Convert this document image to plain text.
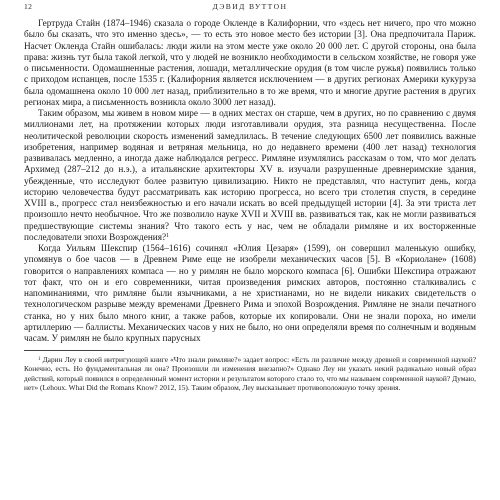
12	ДЭВИД ВУТТОН

Гертруда Стайн (1874–1946) сказала о городе Окленде в Калифорнии, что «здесь нет ничего, про что можно было бы сказать, что это именно здесь», — то есть это новое место без истории [3]. Она предпочитала Париж. Насчет Окленда Стайн ошибалась: люди жили на этом месте уже около 20 000 лет. С другой стороны, она была права: жизнь тут была такой легкой, что у людей не возникло необходимости в сельском хозяйстве, не говоря уже о письменности. Одомашненные растения, лошади, металлические орудия (в том числе ружья) появились только с приходом испанцев, после 1535 г. (Калифорния является исключением — в других регионах Америки кукуруза была одомашнена около 10 000 лет назад, приблизительно в то же время, что и многие другие растения в других регионах мира, а письменность возникла около 3000 лет назад).

Таким образом, мы живем в новом мире — в одних местах он старше, чем в других, но по сравнению с двумя миллионами лет, на протяжении которых люди изготавливали орудия, эта разница несущественна. После неолитической революции скорость изменений замедлилась. В течение следующих 6500 лет появились важные изобретения, например водяная и ветряная мельница, но до недавнего времени (400 лет назад) технология развивалась медленно, а иногда даже наблюдался регресс. Римляне изумлялись рассказам о том, что мог делать Архимед (287–212 до н.э.), а итальянские архитекторы XV в. изучали разрушенные древнеримские здания, убежденные, что исследуют более развитую цивилизацию. Никто не представлял, что наступит день, когда историю человечества будут рассматривать как историю прогресса, но всего три столетия спустя, в середине XVIII в., прогресс стал неизбежностью и его начали искать во всей предыдущей истории [4]. За эти триста лет произошло нечто необычное. Что же позволило науке XVII и XVIII вв. развиваться так, как не могли развиваться предшествующие системы знания? Что такого есть у нас, чем не обладали римляне и их восторженные последователи эпохи Возрождения?$^1$

Когда Уильям Шекспир (1564–1616) сочинял «Юлия Цезаря» (1599), он совершил маленькую ошибку, упомянув о бое часов — в Древнем Риме еще не изобрели механических часов [5]. В «Кориолане» (1608) говорится о направлениях компаса — но у римлян не было морского компаса [6]. Ошибки Шекспира отражают тот факт, что он и его современники, читая произведения римских авторов, постоянно сталкивались с напоминаниями, что римляне были язычниками, а не христианами, но не видели никаких свидетельств о технологическом разрыве между временами Древнего Рима и эпохой Возрождения. Римляне не знали печатного станка, но у них было много книг, а также рабов, которые их копировали. Они не знали пороха, но имели артиллерию — баллисты. Механических часов у них не было, но они определяли время по солнечным и водяным часам. У римлян не было крупных парусных

$^1$ Дарин Леу в своей интригующей книге «Что знали римляне?» задает вопрос: «Есть ли различие между древней и современной наукой? Конечно, есть. Но фундаментальная ли она? Произошли ли изменения внезапно?» Однако Леу ни указать некий радикально новый образ действий, который появился в определенный момент истории и результатом которого стало то, что мы называем современной наукой? Думаю, нет» (Lehoux. What Did the Romans Know? 2012, 15). Таким образом, Леу высказывает противоположную точку зрения.
